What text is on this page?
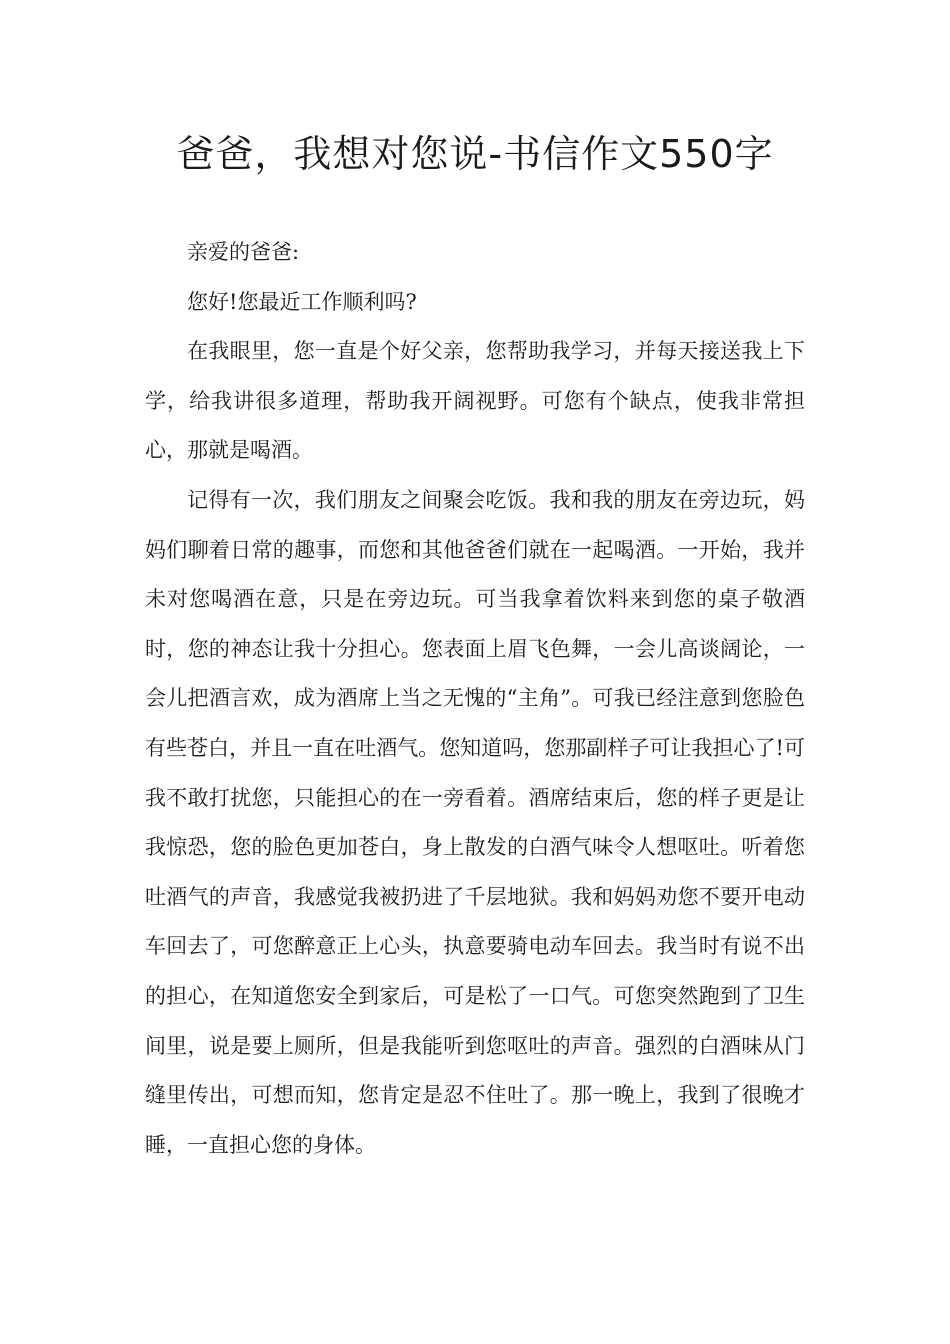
爸爸，我想对您说-书信作文550字

亲爱的爸爸:

您好!您最近工作顺利吗?

在我眼里，您一直是个好父亲，您帮助我学习，并每天接送我上下学，给我讲很多道理，帮助我开阔视野。可您有个缺点，使我非常担心，那就是喝酒。

记得有一次，我们朋友之间聚会吃饭。我和我的朋友在旁边玩，妈妈们聊着日常的趣事，而您和其他爸爸们就在一起喝酒。一开始，我并未对您喝酒在意，只是在旁边玩。可当我拿着饮料来到您的桌子敬酒时，您的神态让我十分担心。您表面上眉飞色舞，一会儿高谈阔论，一会儿把酒言欢，成为酒席上当之无愧的“主角”。可我已经注意到您脸色有些苍白，并且一直在吐酒气。您知道吗，您那副样子可让我担心了!可我不敢打扰您，只能担心的在一旁看着。酒席结束后，您的样子更是让我惊恐，您的脸色更加苍白，身上散发的白酒气味令人想呕吐。听着您吐酒气的声音，我感觉我被扔进了千层地狱。我和妈妈劝您不要开电动车回去了，可您醉意正上心头，执意要骑电动车回去。我当时有说不出的担心，在知道您安全到家后，可是松了一口气。可您突然跑到了卫生间里，说是要上厕所，但是我能听到您呕吐的声音。强烈的白酒味从门缝里传出，可想而知，您肯定是忍不住吐了。那一晚上，我到了很晚才睡，一直担心您的身体。
